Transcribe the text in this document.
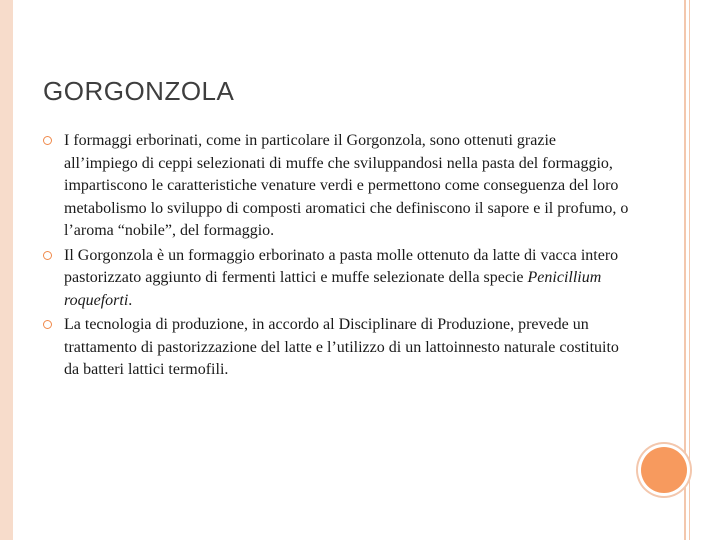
GORGONZOLA
I formaggi erborinati, come in particolare il Gorgonzola, sono ottenuti grazie all’impiego di ceppi selezionati di muffe che sviluppandosi nella pasta del formaggio, impartiscono le caratteristiche venature verdi e permettono come conseguenza del loro metabolismo lo sviluppo di composti aromatici che definiscono il sapore e il profumo, o l’aroma “nobile”, del formaggio.
Il Gorgonzola è un formaggio erborinato a pasta molle ottenuto da latte di vacca intero pastorizzato aggiunto di fermenti lattici e muffe selezionate della specie Penicillium roqueforti.
La tecnologia di produzione, in accordo al Disciplinare di Produzione, prevede un trattamento di pastorizzazione del latte e l’utilizzo di un lattoinnesto naturale costituito da batteri lattici termofili.
